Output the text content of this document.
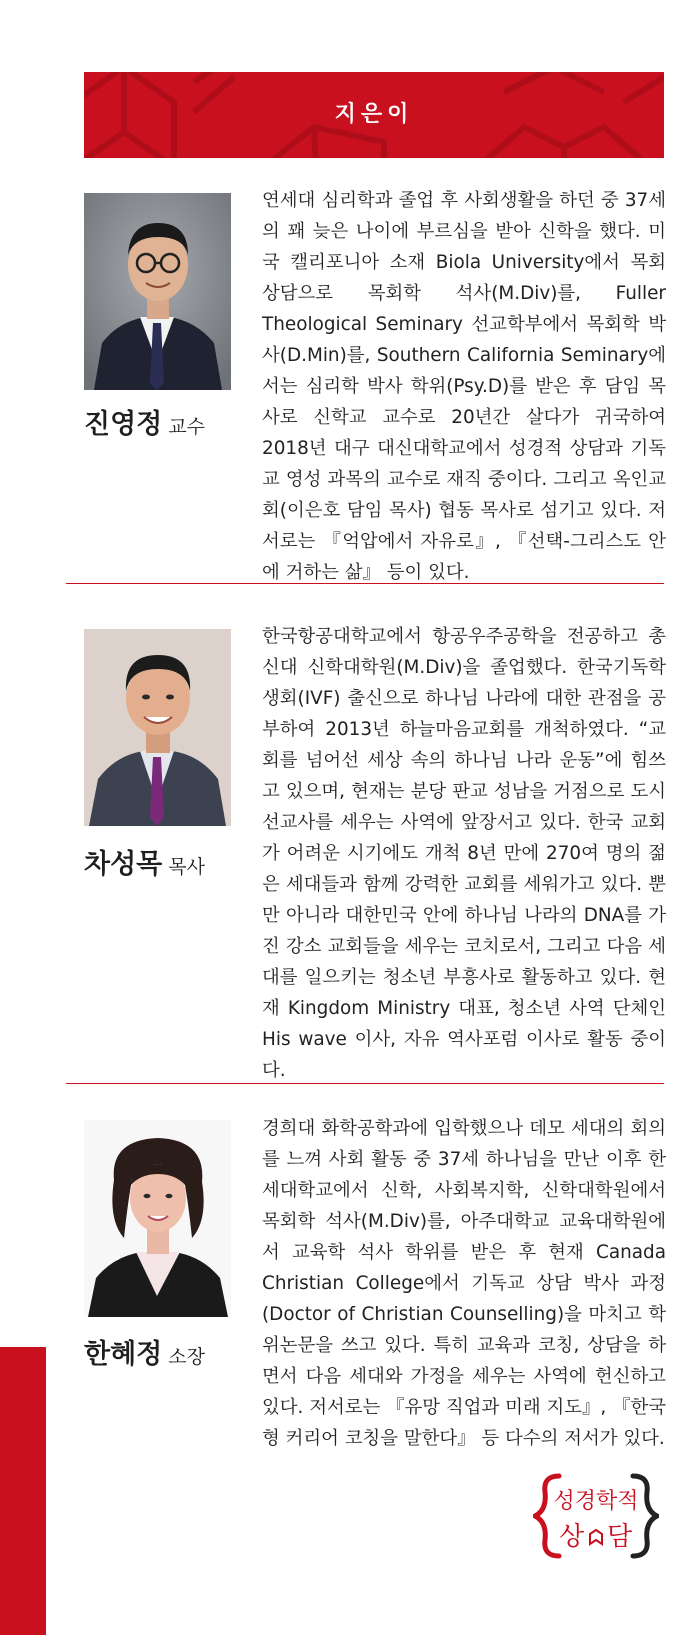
지은이
진영정 교수

연세대 심리학과 졸업 후 사회생활을 하던 중 37세의 꽤 늦은 나이에 부르심을 받아 신학을 했다. 미국 캘리포니아 소재 Biola University에서 목회 상담으로 목회학 석사(M.Div)를, Fuller Theological Seminary 선교학부에서 목회학 박사(D.Min)를, Southern California Seminary에서는 심리학 박사 학위(Psy.D)를 받은 후 담임 목사로 신학교 교수로 20년간 살다가 귀국하여 2018년 대구 대신대학교에서 성경적 상담과 기독교 영성 과목의 교수로 재직 중이다. 그리고 옥인교회(이은호 담임 목사) 협동 목사로 섬기고 있다. 저서로는 『억압에서 자유로』, 『선택-그리스도 안에 거하는 삶』 등이 있다.

차성목 목사

한국항공대학교에서 항공우주공학을 전공하고 총신대 신학대학원(M.Div)을 졸업했다. 한국기독학생회(IVF) 출신으로 하나님 나라에 대한 관점을 공부하여 2013년 하늘마음교회를 개척하였다. “교회를 넘어선 세상 속의 하나님 나라 운동”에 힘쓰고 있으며, 현재는 분당 판교 성남을 거점으로 도시 선교사를 세우는 사역에 앞장서고 있다. 한국 교회가 어려운 시기에도 개척 8년 만에 270여 명의 젊은 세대들과 함께 강력한 교회를 세워가고 있다. 뿐만 아니라 대한민국 안에 하나님 나라의 DNA를 가진 강소 교회들을 세우는 코치로서, 그리고 다음 세대를 일으키는 청소년 부흥사로 활동하고 있다. 현재 Kingdom Ministry 대표, 청소년 사역 단체인 His wave 이사, 자유 역사포럼 이사로 활동 중이다.

한혜정 소장

경희대 화학공학과에 입학했으나 데모 세대의 회의를 느껴 사회 활동 중 37세 하나님을 만난 이후 한세대학교에서 신학, 사회복지학, 신학대학원에서 목회학 석사(M.Div)를, 아주대학교 교육대학원에서 교육학 석사 학위를 받은 후 현재 Canada Christian College에서 기독교 상담 박사 과정(Doctor of Christian Counselling)을 마치고 학위논문을 쓰고 있다. 특히 교육과 코칭, 상담을 하면서 다음 세대와 가정을 세우는 사역에 헌신하고 있다. 저서로는 『유망 직업과 미래 지도』, 『한국형 커리어 코칭을 말한다』 등 다수의 저서가 있다.

성경학적
상 담
